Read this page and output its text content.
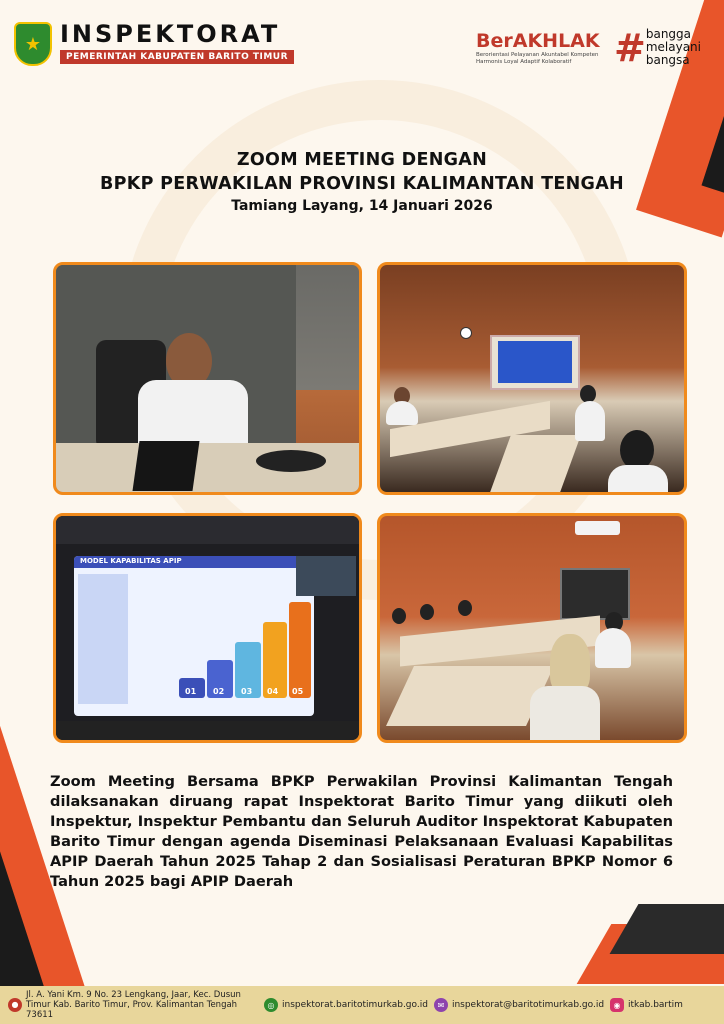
★ INSPEKTORAT
PEMERINTAH KABUPATEN BARITO TIMUR
BerAKHLAK
Berorientasi Pelayanan Akuntabel Kompeten Harmonis Loyal Adaptif Kolaboratif	# bangga
melayani
bangsa
ZOOM MEETING DENGAN
BPKP PERWAKILAN PROVINSI KALIMANTAN TENGAH
Tamiang Layang, 14 Januari 2026
MODEL KAPABILITAS APIP
01 02 03 04 05
Zoom Meeting Bersama BPKP Perwakilan Provinsi Kalimantan Tengah dilaksanakan diruang rapat Inspektorat Barito Timur yang diikuti oleh Inspektur, Inspektur Pembantu dan Seluruh Auditor Inspektorat Kabupaten Barito Timur dengan agenda Diseminasi Pelaksanaan Evaluasi Kapabilitas APIP Daerah Tahun 2025 Tahap 2 dan Sosialisasi Peraturan BPKP Nomor 6 Tahun 2025 bagi APIP Daerah
●
Jl. A. Yani Km. 9 No. 23 Lengkang, Jaar, Kec. Dusun Timur Kab. Barito Timur, Prov. Kalimantan Tengah 73611
◎ inspektorat.baritotimurkab.go.id	✉ inspektorat@baritotimurkab.go.id	◉ itkab.bartim
